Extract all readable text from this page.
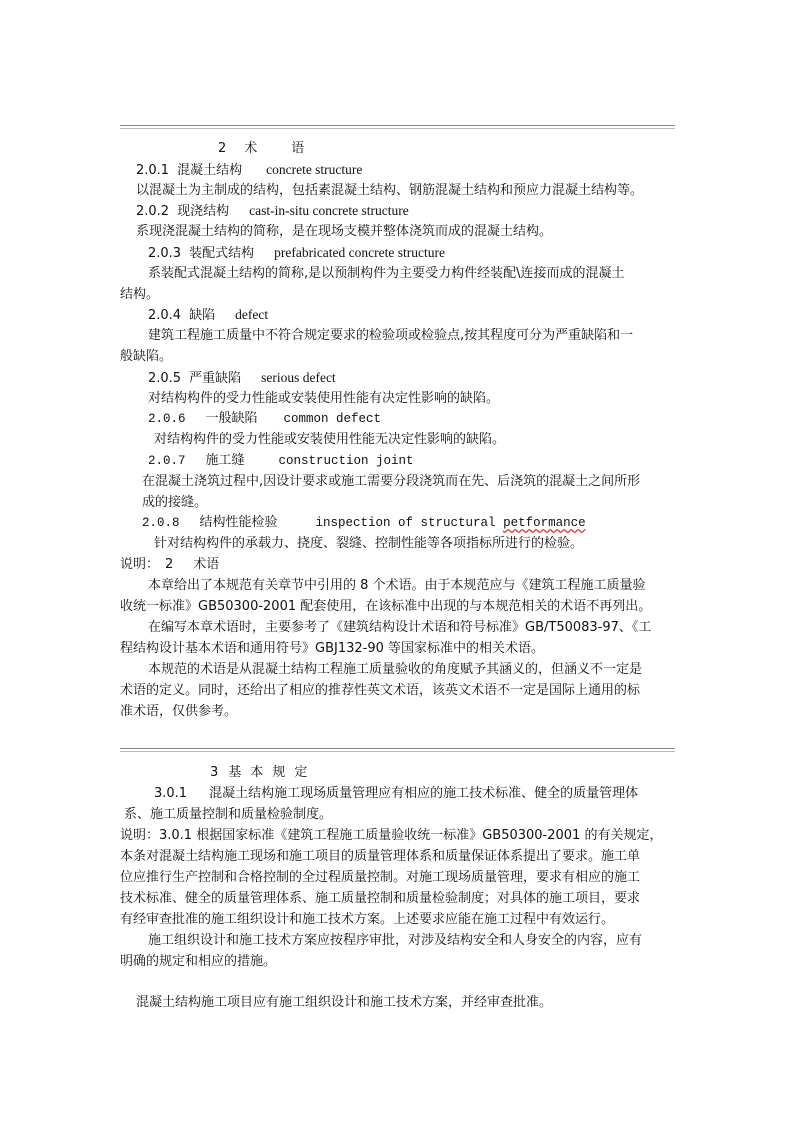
2 术	语
2.0.1 混凝土结构 concrete structure
以混凝土为主制成的结构，包括素混凝土结构、钢筋混凝土结构和预应力混凝土结构等。
2.0.2 现浇结构 cast-in-situ concrete structure
系现浇混凝土结构的简称，是在现场支模并整体浇筑而成的混凝土结构。
2.0.3 装配式结构 prefabricated concrete structure
系装配式混凝土结构的简称,是以预制构件为主要受力构件经装配\连接而成的混凝土
结构。
2.0.4 缺陷 defect
建筑工程施工质量中不符合规定要求的检验项或检验点,按其程度可分为严重缺陷和一
般缺陷。
2.0.5 严重缺陷 serious defect
对结构构件的受力性能或安装使用性能有决定性影响的缺陷。
2.0.6 一般缺陷 common defect
对结构构件的受力性能或安装使用性能无决定性影响的缺陷。
2.0.7 施工缝	construction joint
在混凝土浇筑过程中,因设计要求或施工需要分段浇筑而在先、后浇筑的混凝土之间所形
成的接缝。
2.0.8 结构性能检验	inspection of structural petformance
针对结构构件的承载力、挠度、裂缝、控制性能等各项指标所进行的检验。
说明： 2 术语
本章给出了本规范有关章节中引用的 8 个术语。由于本规范应与《建筑工程施工质量验
收统一标准》GB50300-2001 配套使用，在该标准中出现的与本规范相关的术语不再列出。
在编写本章术语时，主要参考了《建筑结构设计术语和符号标准》GB/T50083-97、《工
程结构设计基本术语和通用符号》GBJ132-90 等国家标准中的相关术语。
本规范的术语是从混凝土结构工程施工质量验收的角度赋予其涵义的，但涵义不一定是
术语的定义。同时，还给出了相应的推荐性英文术语，该英文术语不一定是国际上通用的标
准术语，仅供参考。
3 基 本 规 定
3.0.1 混凝土结构施工现场质量管理应有相应的施工技术标准、健全的质量管理体
系、施工质量控制和质量检验制度。
说明：3.0.1 根据国家标准《建筑工程施工质量验收统一标准》GB50300-2001 的有关规定，
本条对混凝土结构施工现场和施工项目的质量管理体系和质量保证体系提出了要求。施工单
位应推行生产控制和合格控制的全过程质量控制。对施工现场质量管理，要求有相应的施工
技术标准、健全的质量管理体系、施工质量控制和质量检验制度；对具体的施工项目，要求
有经审查批准的施工组织设计和施工技术方案。上述要求应能在施工过程中有效运行。
施工组织设计和施工技术方案应按程序审批，对涉及结构安全和人身安全的内容，应有
明确的规定和相应的措施。
混凝土结构施工项目应有施工组织设计和施工技术方案，并经审查批准。
